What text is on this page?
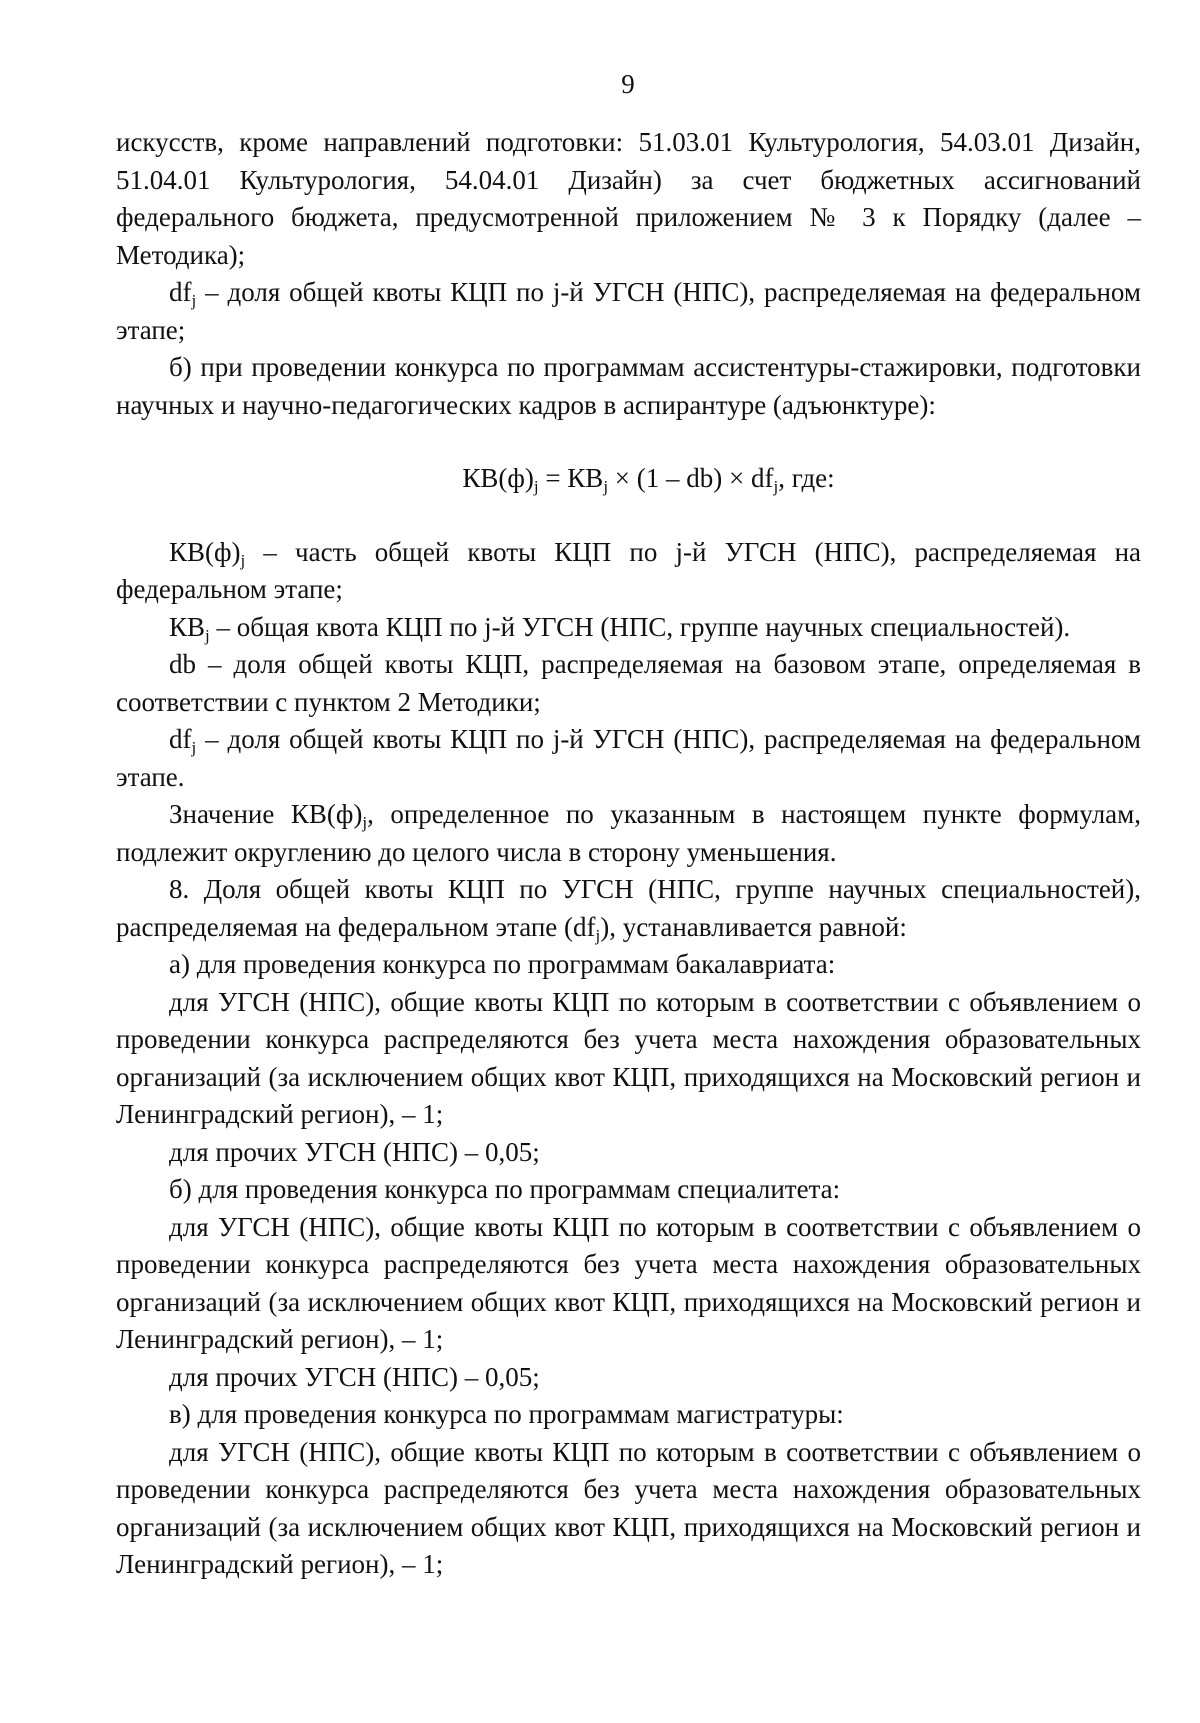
9

искусств, кроме направлений подготовки: 51.03.01 Культурология, 54.03.01 Дизайн, 51.04.01 Культурология, 54.04.01 Дизайн) за счет бюджетных ассигнований федерального бюджета, предусмотренной приложением № 3 к Порядку (далее – Методика);

$df_j$ – доля общей квоты КЦП по j-й УГСН (НПС), распределяемая на федеральном этапе;

б) при проведении конкурса по программам ассистентуры-стажировки, подготовки научных и научно-педагогических кадров в аспирантуре (адъюнктуре):

$КВ(ф)_j = КВ_j \times (1 - db) \times df_j$, где:

$КВ(ф)_j$ – часть общей квоты КЦП по j-й УГСН (НПС), распределяемая на федеральном этапе;

$КВ_j$ – общая квота КЦП по j-й УГСН (НПС, группе научных специальностей).

db – доля общей квоты КЦП, распределяемая на базовом этапе, определяемая в соответствии с пунктом 2 Методики;

$df_j$ – доля общей квоты КЦП по j-й УГСН (НПС), распределяемая на федеральном этапе.

Значение $КВ(ф)_j$, определенное по указанным в настоящем пункте формулам, подлежит округлению до целого числа в сторону уменьшения.

8. Доля общей квоты КЦП по УГСН (НПС, группе научных специальностей), распределяемая на федеральном этапе $(df_j)$, устанавливается равной:

а) для проведения конкурса по программам бакалавриата:

для УГСН (НПС), общие квоты КЦП по которым в соответствии с объявлением о проведении конкурса распределяются без учета места нахождения образовательных организаций (за исключением общих квот КЦП, приходящихся на Московский регион и Ленинградский регион), – 1;

для прочих УГСН (НПС) – 0,05;

б) для проведения конкурса по программам специалитета:

для УГСН (НПС), общие квоты КЦП по которым в соответствии с объявлением о проведении конкурса распределяются без учета места нахождения образовательных организаций (за исключением общих квот КЦП, приходящихся на Московский регион и Ленинградский регион), – 1;

для прочих УГСН (НПС) – 0,05;

в) для проведения конкурса по программам магистратуры:

для УГСН (НПС), общие квоты КЦП по которым в соответствии с объявлением о проведении конкурса распределяются без учета места нахождения образовательных организаций (за исключением общих квот КЦП, приходящихся на Московский регион и Ленинградский регион), – 1;
